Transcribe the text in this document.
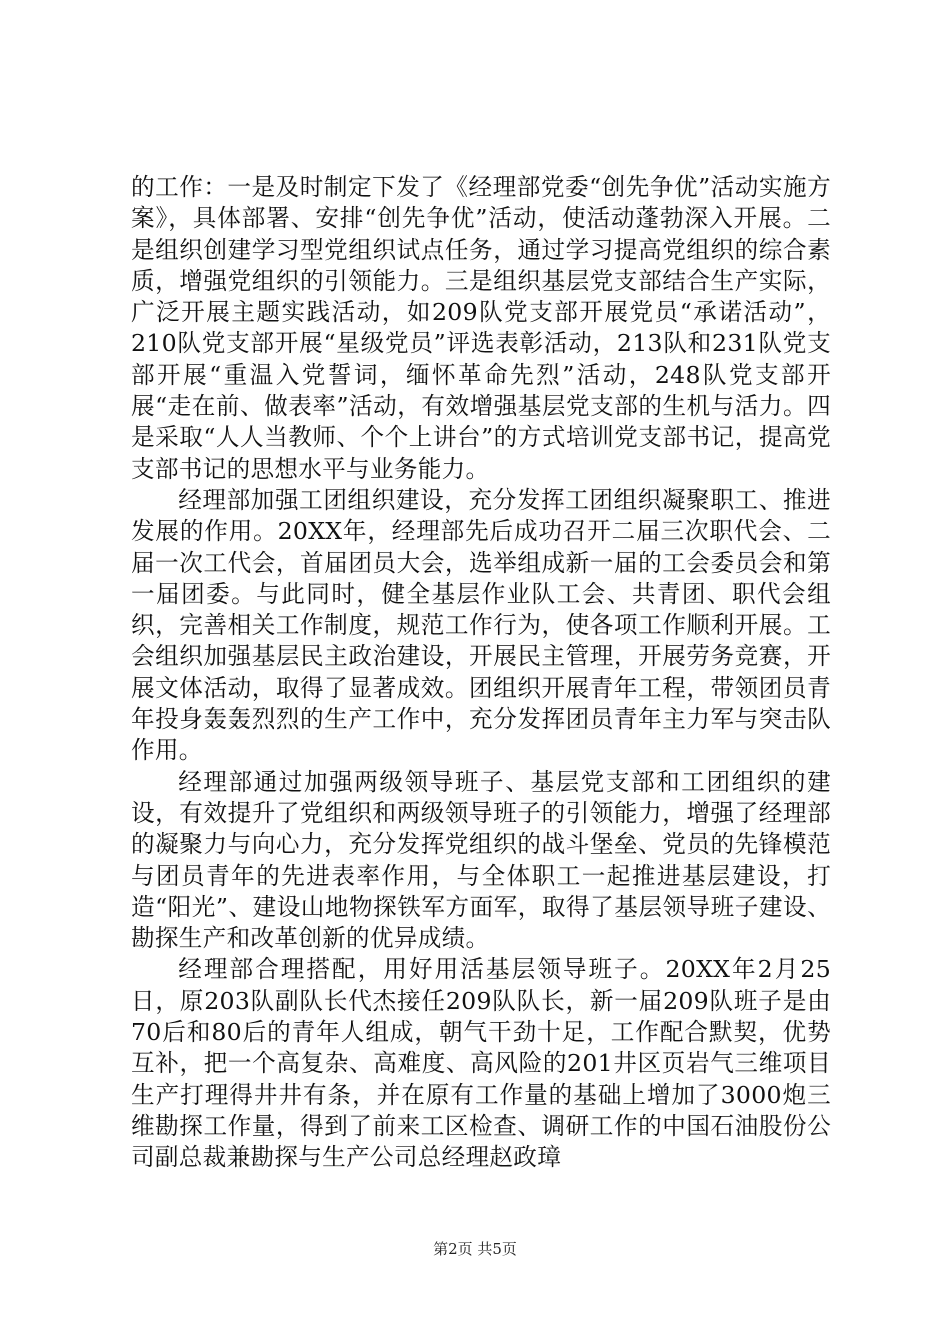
的工作：一是及时制定下发了《经理部党委“创先争优”活动实施方案》，具体部署、安排“创先争优”活动，使活动蓬勃深入开展。二是组织创建学习型党组织试点任务，通过学习提高党组织的综合素质，增强党组织的引领能力。三是组织基层党支部结合生产实际，广泛开展主题实践活动，如209队党支部开展党员“承诺活动”，210队党支部开展“星级党员”评选表彰活动，213队和231队党支部开展“重温入党誓词，缅怀革命先烈”活动，248队党支部开展“走在前、做表率”活动，有效增强基层党支部的生机与活力。四是采取“人人当教师、个个上讲台”的方式培训党支部书记，提高党支部书记的思想水平与业务能力。

经理部加强工团组织建设，充分发挥工团组织凝聚职工、推进发展的作用。20XX年，经理部先后成功召开二届三次职代会、二届一次工代会，首届团员大会，选举组成新一届的工会委员会和第一届团委。与此同时，健全基层作业队工会、共青团、职代会组织，完善相关工作制度，规范工作行为，使各项工作顺利开展。工会组织加强基层民主政治建设，开展民主管理，开展劳务竞赛，开展文体活动，取得了显著成效。团组织开展青年工程，带领团员青年投身轰轰烈烈的生产工作中，充分发挥团员青年主力军与突击队作用。

经理部通过加强两级领导班子、基层党支部和工团组织的建设，有效提升了党组织和两级领导班子的引领能力，增强了经理部的凝聚力与向心力，充分发挥党组织的战斗堡垒、党员的先锋模范与团员青年的先进表率作用，与全体职工一起推进基层建设，打造“阳光”、建设山地物探铁军方面军，取得了基层领导班子建设、勘探生产和改革创新的优异成绩。

经理部合理搭配，用好用活基层领导班子。20XX年2月25日，原203队副队长代杰接任209队队长，新一届209队班子是由70后和80后的青年人组成，朝气干劲十足，工作配合默契，优势互补，把一个高复杂、高难度、高风险的201井区页岩气三维项目生产打理得井井有条，并在原有工作量的基础上增加了3000炮三维勘探工作量，得到了前来工区检查、调研工作的中国石油股份公司副总裁兼勘探与生产公司总经理赵政璋

第2页 共5页
